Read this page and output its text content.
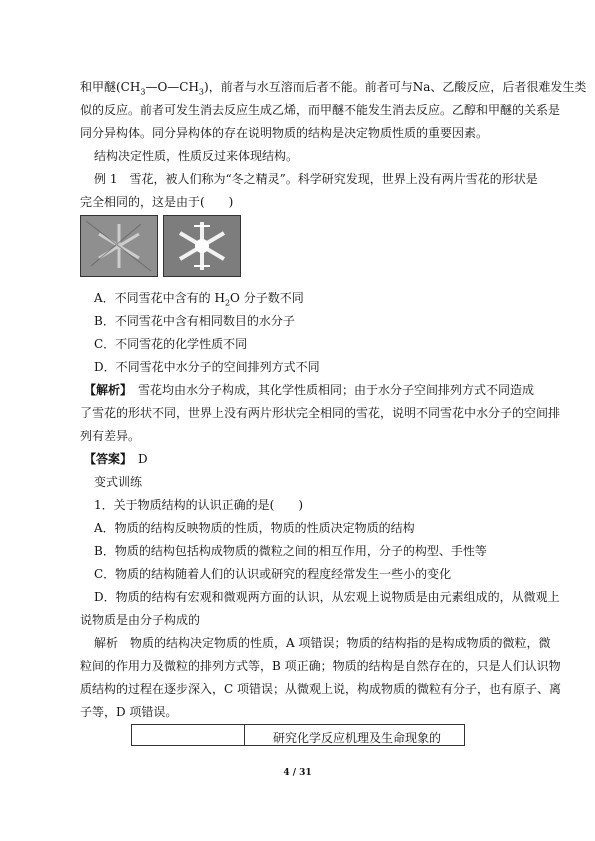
和甲醚$(CH_3—O—CH_3)$，前者与水互溶而后者不能。前者可与Na、乙酸反应，后者很难发生类
似的反应。前者可发生消去反应生成乙烯，而甲醚不能发生消去反应。乙醇和甲醚的关系是
同分异构体。同分异构体的存在说明物质的结构是决定物质性质的重要因素。
结构决定性质，性质反过来体现结构。
例 1　雪花，被人们称为“冬之精灵”。科学研究发现，世界上没有两片雪花的形状是
完全相同的，这是由于(　　)
A．不同雪花中含有的 $H_2O$ 分子数不同
B．不同雪花中含有相同数目的水分子
C．不同雪花的化学性质不同
D．不同雪花中水分子的空间排列方式不同
【解析】　雪花均由水分子构成，其化学性质相同；由于水分子空间排列方式不同造成
了雪花的形状不同，世界上没有两片形状完全相同的雪花，说明不同雪花中水分子的空间排
列有差异。
【答案】　D
变式训练
1．关于物质结构的认识正确的是(　　)
A．物质的结构反映物质的性质，物质的性质决定物质的结构
B．物质的结构包括构成物质的微粒之间的相互作用，分子的构型、手性等
C．物质的结构随着人们的认识或研究的程度经常发生一些小的变化
D．物质的结构有宏观和微观两方面的认识，从宏观上说物质是由元素组成的，从微观上
说物质是由分子构成的
解析　物质的结构决定物质的性质，A 项错误；物质的结构指的是构成物质的微粒，微
粒间的作用力及微粒的排列方式等，B 项正确；物质的结构是自然存在的，只是人们认识物
质结构的过程在逐步深入，C 项错误；从微观上说，构成物质的微粒有分子，也有原子、离
子等，D 项错误。
研究化学反应机理及生命现象的
4 / 31
